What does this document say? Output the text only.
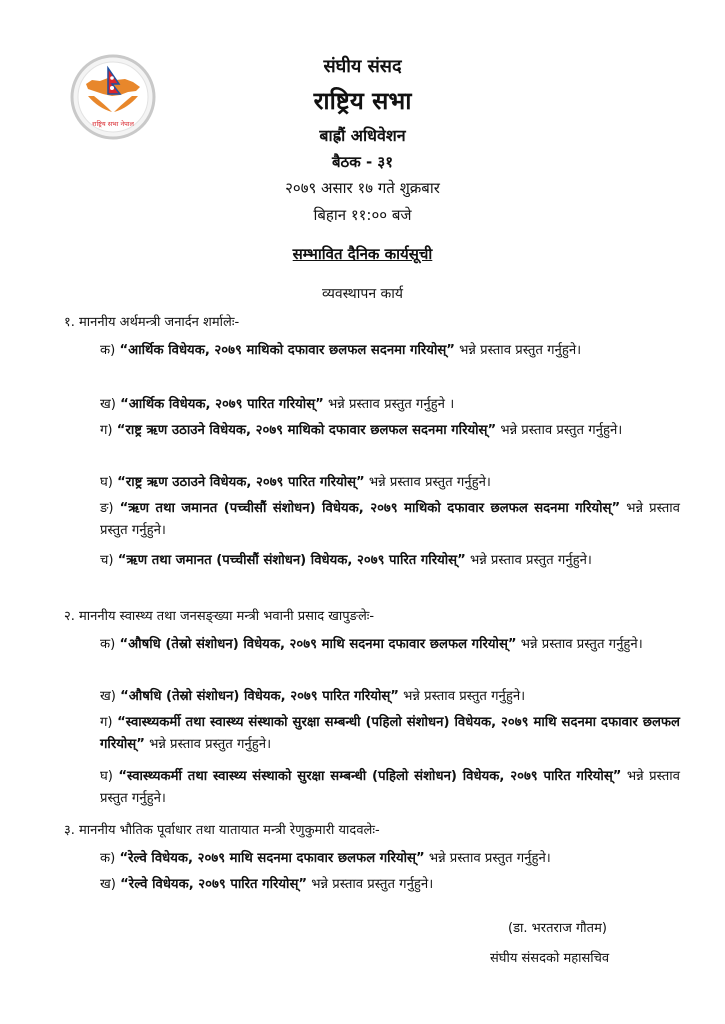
राष्ट्रिय सभा नेपाल
संघीय संसद
राष्ट्रिय सभा
बाह्रौं अधिवेशन
बैठक - ३१
२०७९ असार १७ गते शुक्रबार
बिहान ११:०० बजे
सम्भावित दैनिक कार्यसूची
व्यवस्थापन कार्य
१. माननीय अर्थमन्त्री जनार्दन शर्मालेः-
क) “आर्थिक विधेयक, २०७९ माथिको दफावार छलफल सदनमा गरियोस्” भन्ने प्रस्ताव प्रस्तुत गर्नुहुने।
ख) “आर्थिक विधेयक, २०७९ पारित गरियोस्” भन्ने प्रस्ताव प्रस्तुत गर्नुहुने ।
ग) “राष्ट्र ऋण उठाउने विधेयक, २०७९ माथिको दफावार छलफल सदनमा गरियोस्” भन्ने प्रस्ताव प्रस्तुत गर्नुहुने।
घ) “राष्ट्र ऋण उठाउने विधेयक, २०७९ पारित गरियोस्” भन्ने प्रस्ताव प्रस्तुत गर्नुहुने।
ङ) “ऋण तथा जमानत (पच्चीसौं संशोधन) विधेयक, २०७९ माथिको दफावार छलफल सदनमा गरियोस्” भन्ने प्रस्ताव प्रस्तुत गर्नुहुने।
च) “ऋण तथा जमानत (पच्चीसौं संशोधन) विधेयक, २०७९ पारित गरियोस्” भन्ने प्रस्ताव प्रस्तुत गर्नुहुने।
२. माननीय स्वास्थ्य तथा जनसङ्ख्या मन्त्री भवानी प्रसाद खापुङलेः-
क) “औषधि (तेस्रो संशोधन) विधेयक, २०७९ माथि सदनमा दफावार छलफल गरियोस्” भन्ने प्रस्ताव प्रस्तुत गर्नुहुने।
ख) “औषधि (तेस्रो संशोधन) विधेयक, २०७९ पारित गरियोस्” भन्ने प्रस्ताव प्रस्तुत गर्नुहुने।
ग) “स्वास्थ्यकर्मी तथा स्वास्थ्य संस्थाको सुरक्षा सम्बन्धी (पहिलो संशोधन) विधेयक, २०७९ माथि सदनमा दफावार छलफल गरियोस्” भन्ने प्रस्ताव प्रस्तुत गर्नुहुने।
घ) “स्वास्थ्यकर्मी तथा स्वास्थ्य संस्थाको सुरक्षा सम्बन्धी (पहिलो संशोधन) विधेयक, २०७९ पारित गरियोस्” भन्ने प्रस्ताव प्रस्तुत गर्नुहुने।
३. माननीय भौतिक पूर्वाधार तथा यातायात मन्त्री रेणुकुमारी यादवलेः-
क) “रेल्वे विधेयक, २०७९ माथि सदनमा दफावार छलफल गरियोस्” भन्ने प्रस्ताव प्रस्तुत गर्नुहुने।
ख) “रेल्वे विधेयक, २०७९ पारित गरियोस्” भन्ने प्रस्ताव प्रस्तुत गर्नुहुने।
(डा. भरतराज गौतम)
संघीय संसदको महासचिव
